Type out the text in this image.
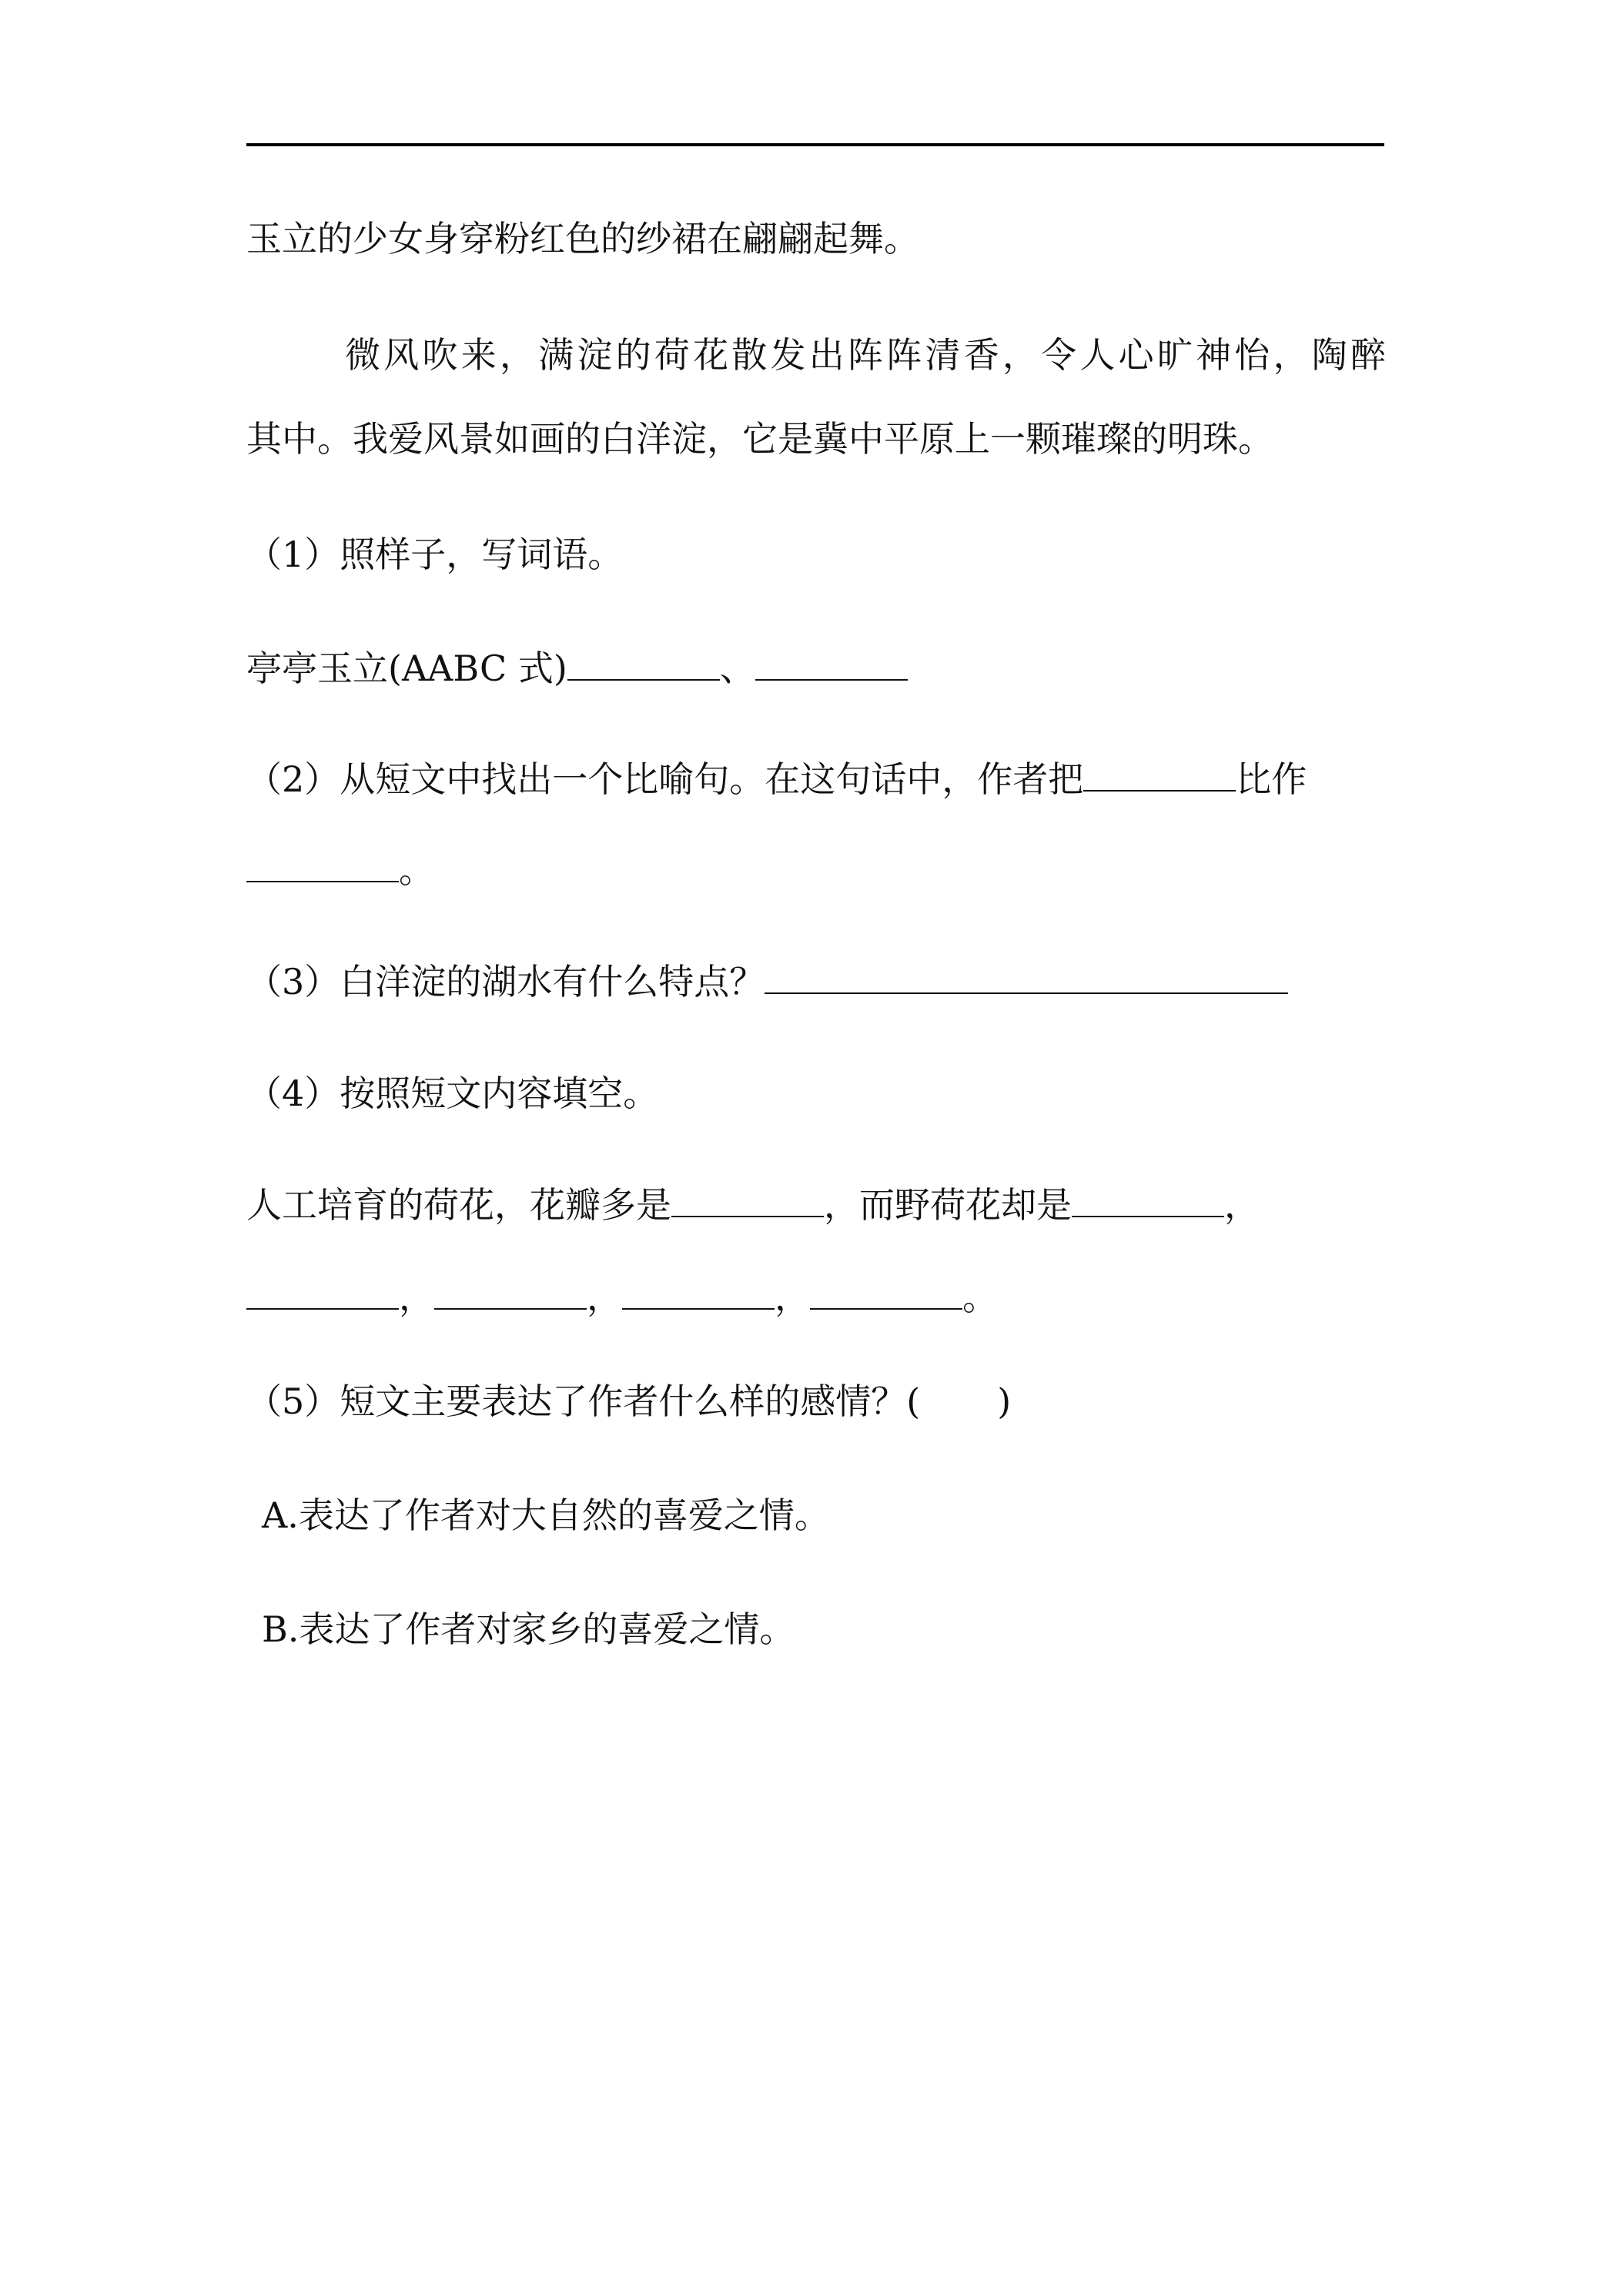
玉立的少女身穿粉红色的纱裙在翩翩起舞。

微风吹来，满淀的荷花散发出阵阵清香，令人心旷神怡，陶醉

其中。我爱风景如画的白洋淀，它是冀中平原上一颗璀璨的明珠。

（1）照样子，写词语。

亭亭玉立(AABC 式)	、

（2）从短文中找出一个比喻句。在这句话中，作者把	比作

。

（3）白洋淀的湖水有什么特点？

（4）按照短文内容填空。

人工培育的荷花，花瓣多是	，而野荷花却是	，

，	，	，	。

（5）短文主要表达了作者什么样的感情？( )

A.表达了作者对大自然的喜爱之情。

B.表达了作者对家乡的喜爱之情。
